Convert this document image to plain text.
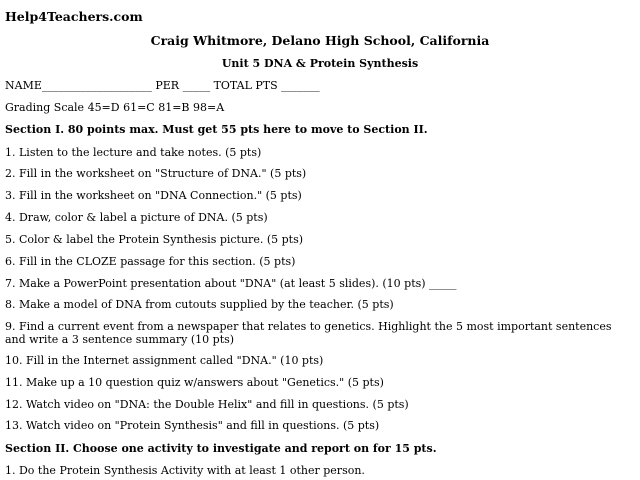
Help4Teachers.com
Craig Whitmore, Delano High School, California
Unit 5 DNA & Protein Synthesis
NAME____________________ PER _____ TOTAL PTS _______
Grading Scale 45=D 61=C 81=B 98=A
Section I. 80 points max. Must get 55 pts here to move to Section II.
1. Listen to the lecture and take notes. (5 pts)
2. Fill in the worksheet on "Structure of DNA." (5 pts)
3. Fill in the worksheet on "DNA Connection." (5 pts)
4. Draw, color & label a picture of DNA. (5 pts)
5. Color & label the Protein Synthesis picture. (5 pts)
6. Fill in the CLOZE passage for this section. (5 pts)
7. Make a PowerPoint presentation about "DNA" (at least 5 slides). (10 pts) _____
8. Make a model of DNA from cutouts supplied by the teacher. (5 pts)
9. Find a current event from a newspaper that relates to genetics. Highlight the 5 most important sentences and write a 3 sentence summary (10 pts)
10. Fill in the Internet assignment called "DNA." (10 pts)
11. Make up a 10 question quiz w/answers about "Genetics." (5 pts)
12. Watch video on "DNA: the Double Helix" and fill in questions. (5 pts)
13. Watch video on "Protein Synthesis" and fill in questions. (5 pts)
Section II. Choose one activity to investigate and report on for 15 pts.
1. Do the Protein Synthesis Activity with at least 1 other person.
